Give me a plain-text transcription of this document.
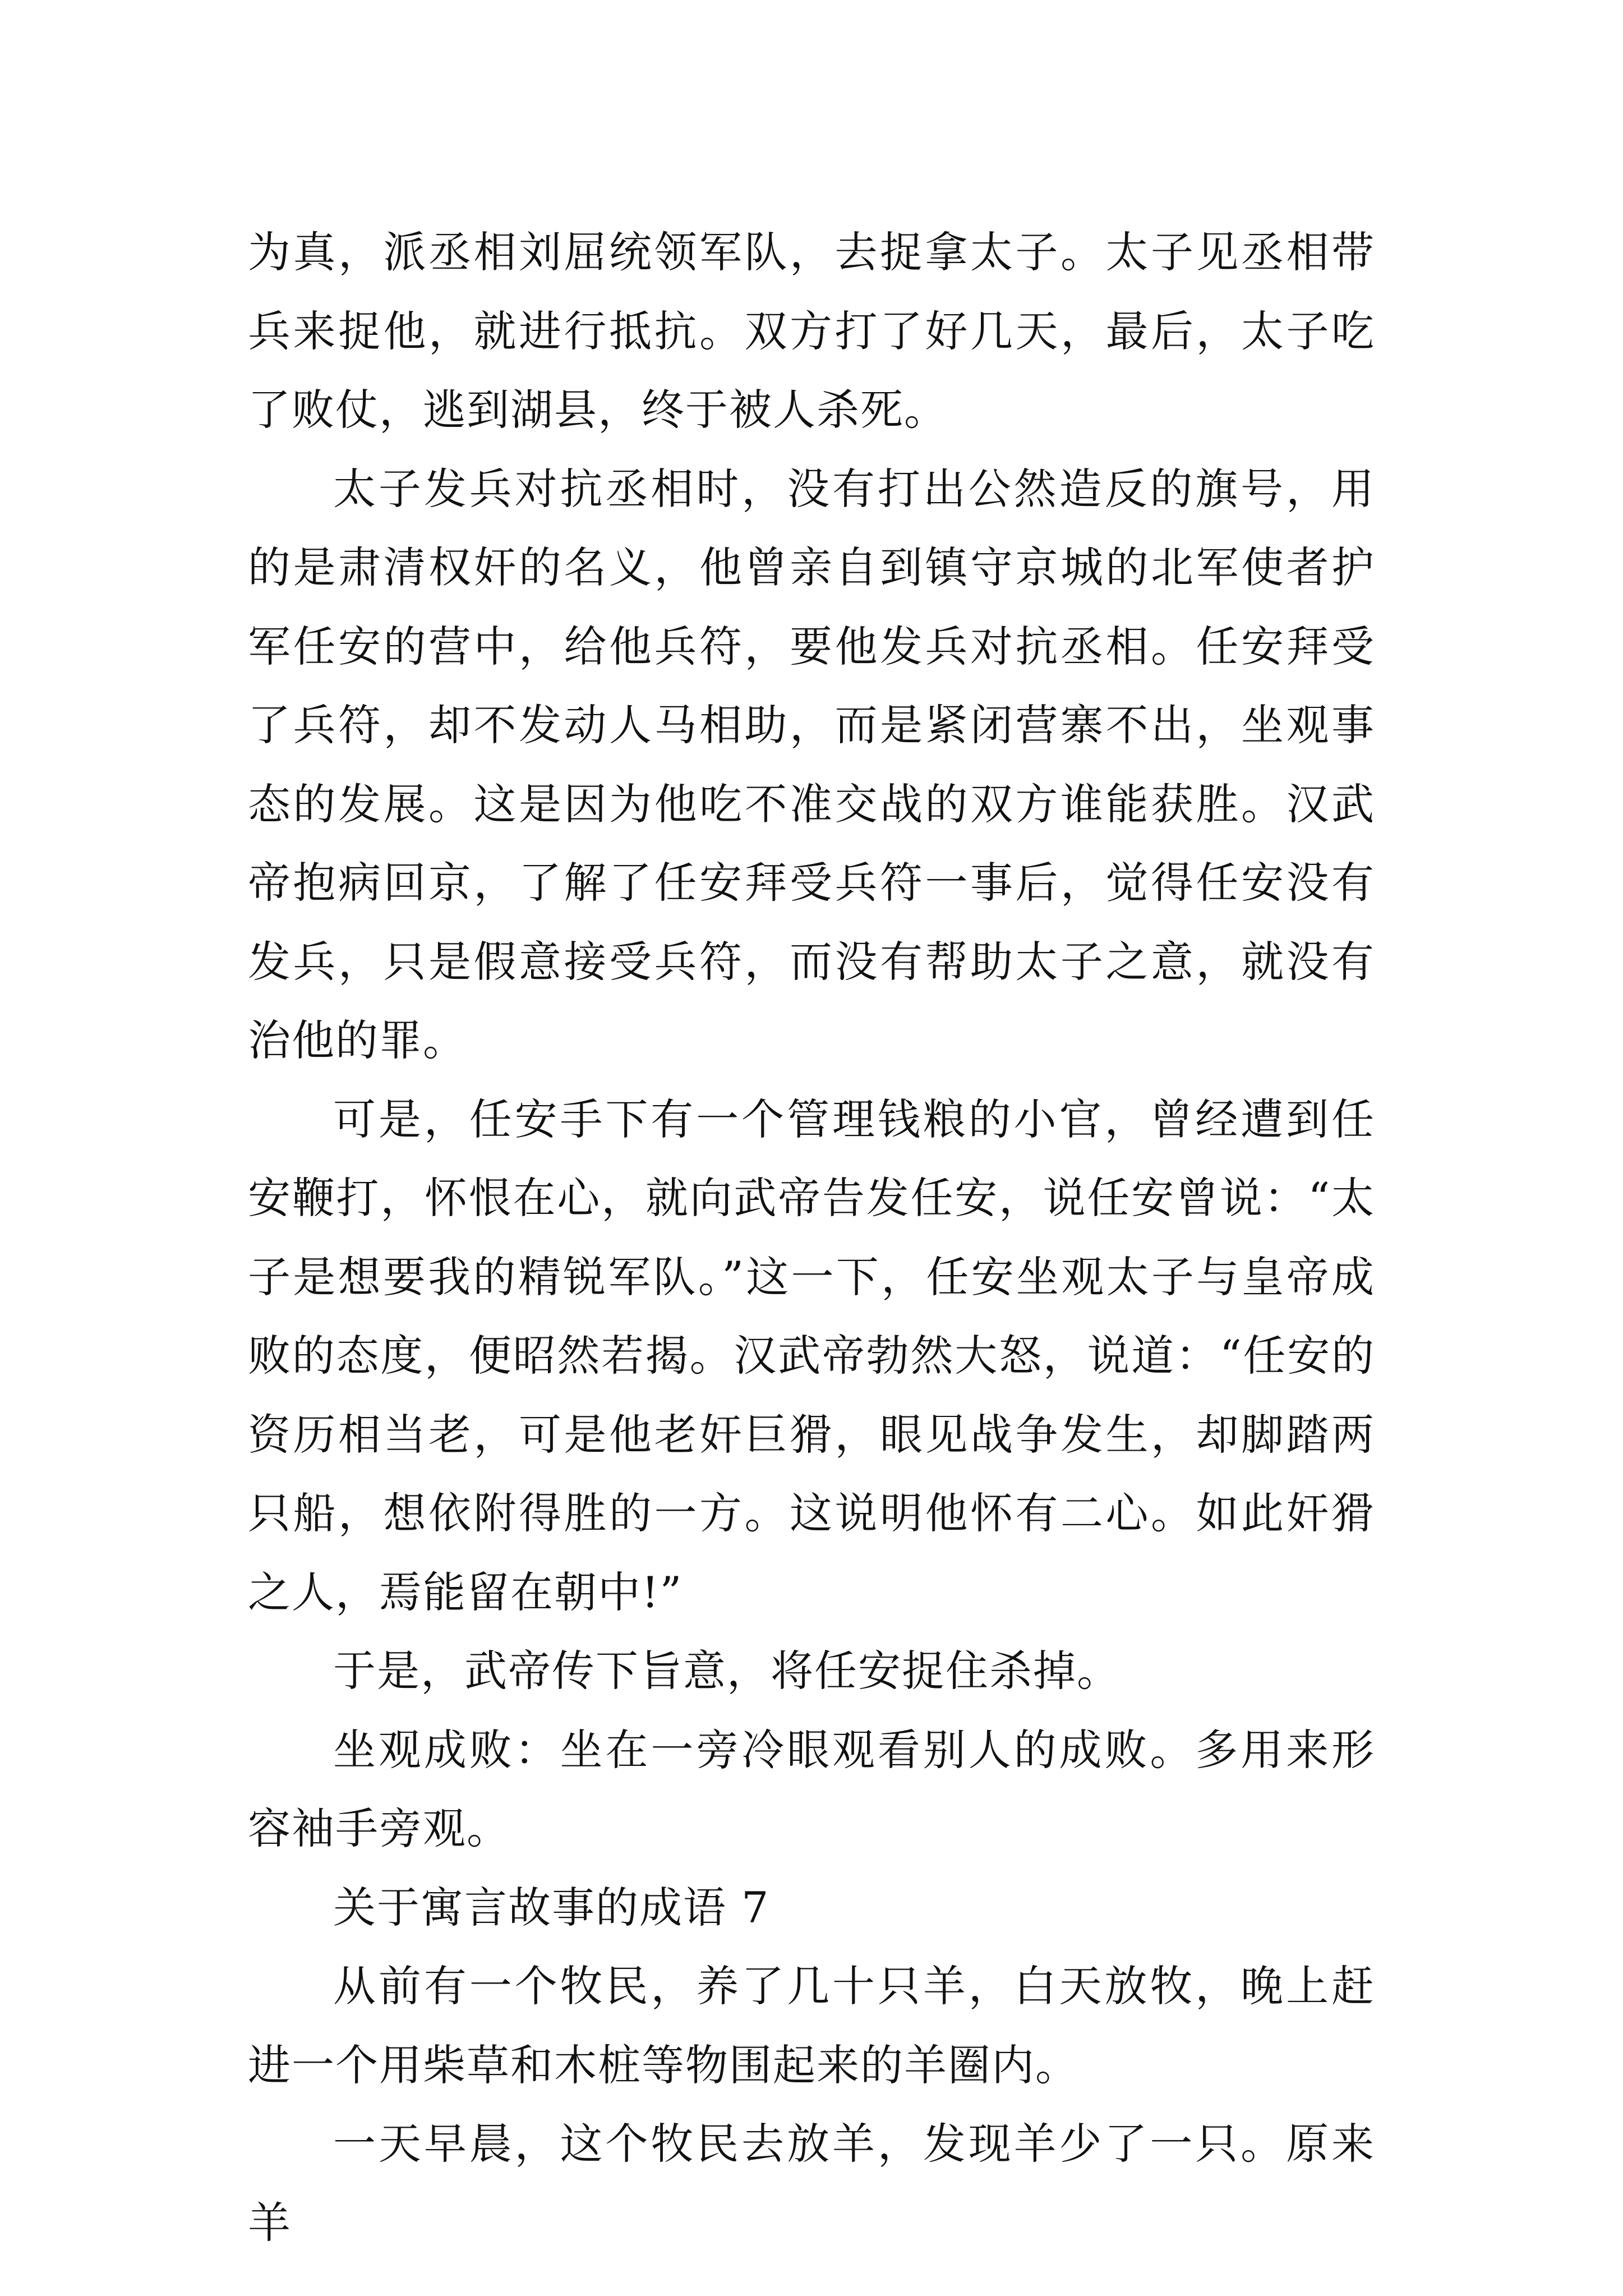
为真，派丞相刘屈统领军队，去捉拿太子。太子见丞相带兵来捉他，就进行抵抗。双方打了好几天，最后，太子吃了败仗，逃到湖县，终于被人杀死。

太子发兵对抗丞相时，没有打出公然造反的旗号，用的是肃清权奸的名义，他曾亲自到镇守京城的北军使者护军任安的营中，给他兵符，要他发兵对抗丞相。任安拜受了兵符，却不发动人马相助，而是紧闭营寨不出，坐观事态的发展。这是因为他吃不准交战的双方谁能获胜。汉武帝抱病回京，了解了任安拜受兵符一事后，觉得任安没有发兵，只是假意接受兵符，而没有帮助太子之意，就没有治他的罪。

可是，任安手下有一个管理钱粮的小官，曾经遭到任安鞭打，怀恨在心，就向武帝告发任安，说任安曾说：“太子是想要我的精锐军队。”这一下，任安坐观太子与皇帝成败的态度，便昭然若揭。汉武帝勃然大怒，说道：“任安的资历相当老，可是他老奸巨猾，眼见战争发生，却脚踏两只船，想依附得胜的一方。这说明他怀有二心。如此奸猾之人，焉能留在朝中!”

于是，武帝传下旨意，将任安捉住杀掉。

坐观成败：坐在一旁冷眼观看别人的成败。多用来形容袖手旁观。

关于寓言故事的成语 7

从前有一个牧民，养了几十只羊，白天放牧，晚上赶进一个用柴草和木桩等物围起来的羊圈内。

一天早晨，这个牧民去放羊，发现羊少了一只。原来羊
